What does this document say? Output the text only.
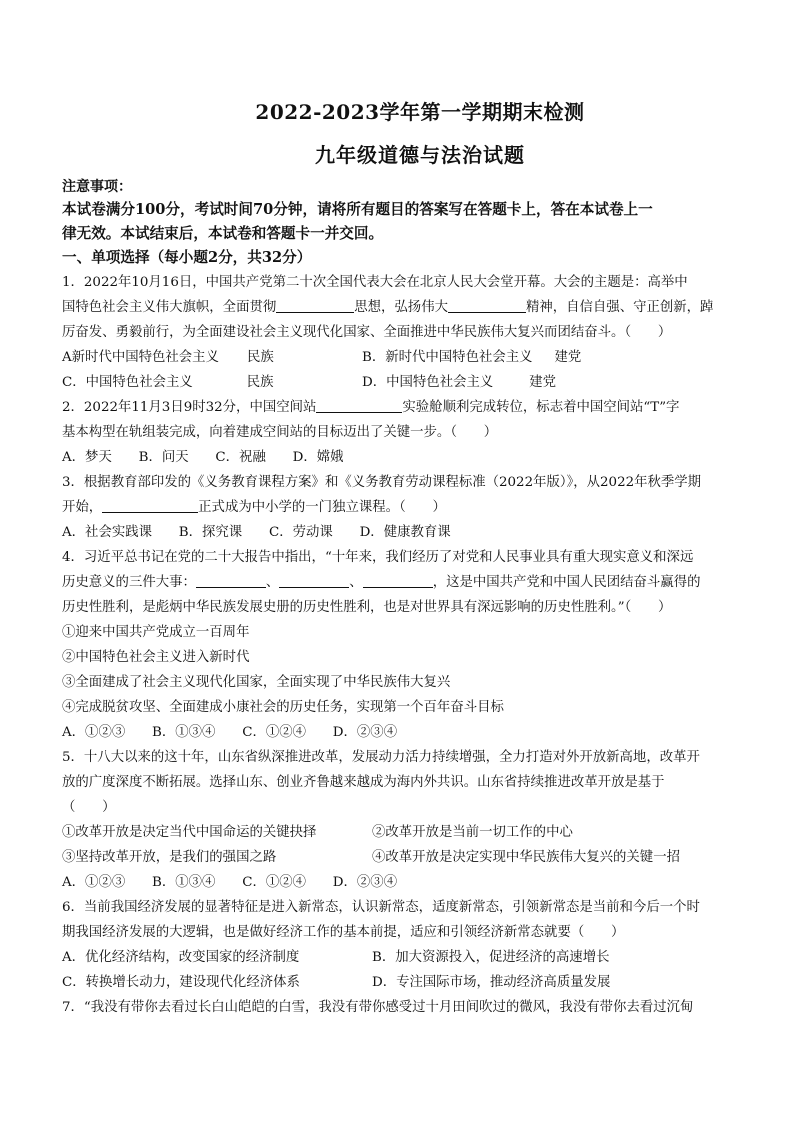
2022-2023学年第一学期期末检测
九年级道德与法治试题
注意事项：
本试卷满分100分，考试时间70分钟，请将所有题目的答案写在答题卡上，答在本试卷上一
律无效。本试结束后，本试卷和答题卡一并交回。
一、单项选择（每小题2分，共32分）
1．2022年10月16日，中国共产党第二十次全国代表大会在北京人民大会堂开幕。大会的主题是：高举中
国特色社会主义伟大旗帜，全面贯彻	思想，弘扬伟大	精神，自信自强、守正创新，踔
厉奋发、勇毅前行，为全面建设社会主义现代化国家、全面推进中华民族伟大复兴而团结奋斗。（　　）
A新时代中国特色社会主义 民族	B．新时代中国特色社会主义 建党
C．中国特色社会主义	民族	D．中国特色社会主义	建党
2．2022年11月3日9时32分，中国空间站	实验舱顺利完成转位，标志着中国空间站“T”字
基本构型在轨组装完成，向着建成空间站的目标迈出了关键一步。（　　）
A．梦天　　B．问天　　C．祝融　　D．嫦娥
3．根据教育部印发的《义务教育课程方案》和《义务教育劳动课程标准（2022年版）》，从2022年秋季学期
开始，	正式成为中小学的一门独立课程。（　　）
A．社会实践课　　B．探究课　　C．劳动课　　D．健康教育课
4．习近平总书记在党的二十大报告中指出，“十年来，我们经历了对党和人民事业具有重大现实意义和深远
历史意义的三件大事：	、	、	，这是中国共产党和中国人民团结奋斗赢得的
历史性胜利，是彪炳中华民族发展史册的历史性胜利，也是对世界具有深远影响的历史性胜利。”（　　）
①迎来中国共产党成立一百周年
②中国特色社会主义进入新时代
③全面建成了社会主义现代化国家，全面实现了中华民族伟大复兴
④完成脱贫攻坚、全面建成小康社会的历史任务，实现第一个百年奋斗目标
A．①②③　　B．①③④　　C．①②④　　D．②③④
5．十八大以来的这十年，山东省纵深推进改革，发展动力活力持续增强，全力打造对外开放新高地，改革开
放的广度深度不断拓展。选择山东、创业齐鲁越来越成为海内外共识。山东省持续推进改革开放是基于
（　　）
①改革开放是决定当代中国命运的关键抉择	②改革开放是当前一切工作的中心
③坚持改革开放，是我们的强国之路	④改革开放是决定实现中华民族伟大复兴的关键一招
A．①②③　　B．①③④　　C．①②④　　D．②③④
6．当前我国经济发展的显著特征是进入新常态，认识新常态，适度新常态，引领新常态是当前和今后一个时
期我国经济发展的大逻辑，也是做好经济工作的基本前提，适应和引领经济新常态就要（　　）
A．优化经济结构，改变国家的经济制度	B．加大资源投入，促进经济的高速增长
C．转换增长动力，建设现代化经济体系	D．专注国际市场，推动经济高质量发展
7．“我没有带你去看过长白山皑皑的白雪，我没有带你感受过十月田间吹过的微风，我没有带你去看过沉甸
